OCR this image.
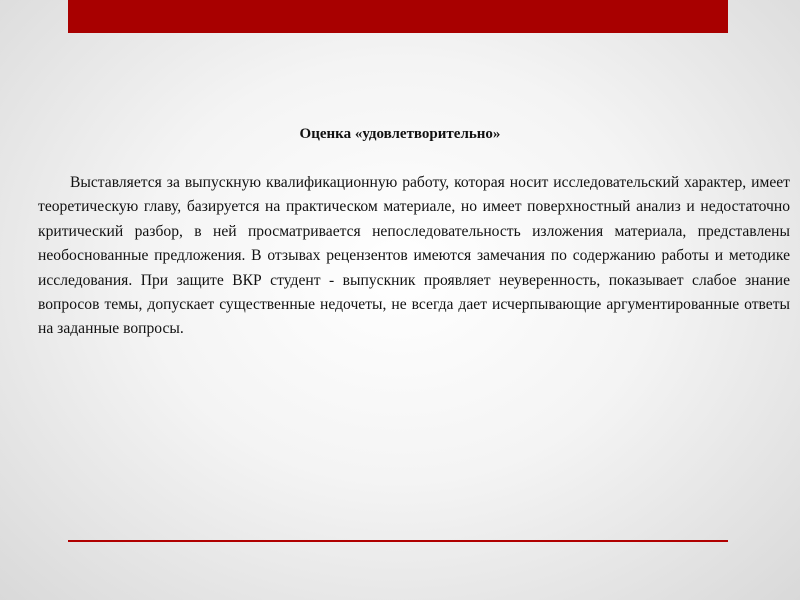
Оценка «удовлетворительно»

Выставляется за выпускную квалификационную работу, которая носит исследовательский характер, имеет теоретическую главу, базируется на практическом материале, но имеет поверхностный анализ и недостаточно критический разбор, в ней просматривается непоследовательность изложения материала, представлены необоснованные предложения. В отзывах рецензентов имеются замечания по содержанию работы и методике исследования. При защите ВКР студент - выпускник проявляет неуверенность, показывает слабое знание вопросов темы, допускает существенные недочеты, не всегда дает исчерпывающие аргументированные ответы на заданные вопросы.
